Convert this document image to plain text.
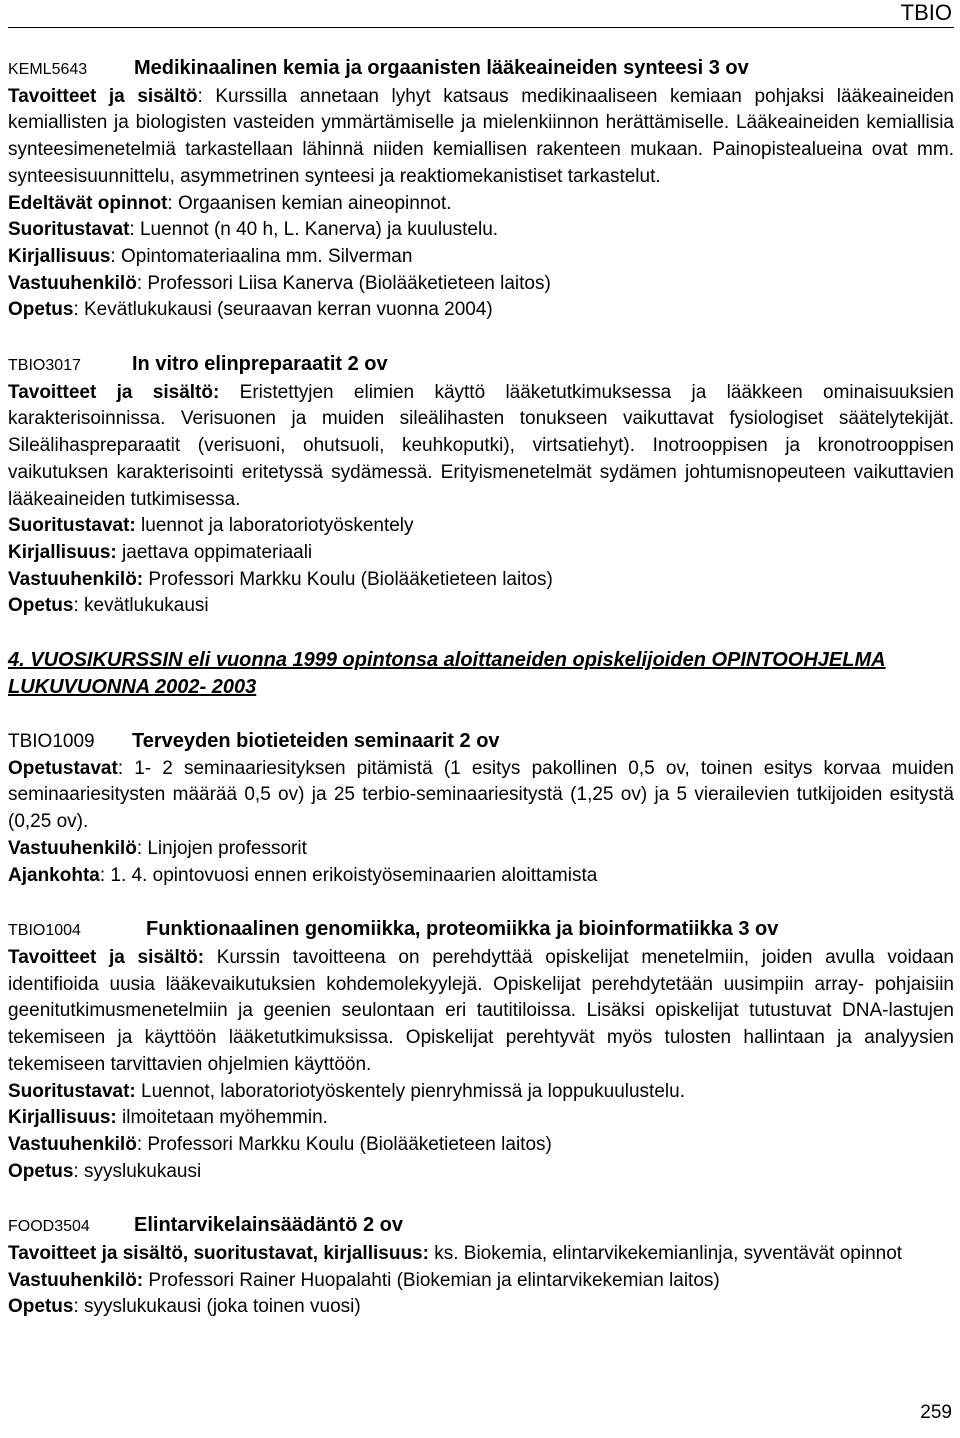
TBIO
KEML5643	Medikinaalinen kemia ja orgaanisten lääkeaineiden synteesi 3 ov

Tavoitteet ja sisältö: Kurssilla annetaan lyhyt katsaus medikinaaliseen kemiaan pohjaksi lääkeaineiden kemiallisten ja biologisten vasteiden ymmärtämiselle ja mielenkiinnon herättämiselle. Lääkeaineiden kemiallisia synteesimenetelmiä tarkastellaan lähinnä niiden kemiallisen rakenteen mukaan. Painopistealueina ovat mm. synteesisuunnittelu, asymmetrinen synteesi ja reaktiomekanistiset tarkastelut.

Edeltävät opinnot: Orgaanisen kemian aineopinnot.

Suoritustavat: Luennot (n 40 h, L. Kanerva) ja kuulustelu.

Kirjallisuus: Opintomateriaalina mm. Silverman

Vastuuhenkilö: Professori Liisa Kanerva (Biolääketieteen laitos)

Opetus: Kevätlukukausi (seuraavan kerran vuonna 2004)

TBIO3017	In vitro elinpreparaatit 2 ov

Tavoitteet ja sisältö: Eristettyjen elimien käyttö lääketutkimuksessa ja lääkkeen ominaisuuksien karakterisoinnissa. Verisuonen ja muiden sileälihasten tonukseen vaikuttavat fysiologiset säätelytekijät. Sileälihaspreparaatit (verisuoni, ohutsuoli, keuhkoputki), virtsatiehyt). Inotrooppisen ja kronotrooppisen vaikutuksen karakterisointi eritetyssä sydämessä. Erityismenetelmät sydämen johtumisnopeuteen vaikuttavien lääkeaineiden tutkimisessa.

Suoritustavat: luennot ja laboratoriotyöskentely

Kirjallisuus: jaettava oppimateriaali

Vastuuhenkilö: Professori Markku Koulu (Biolääketieteen laitos)

Opetus: kevätlukukausi

4. VUOSIKURSSIN eli vuonna 1999 opintonsa aloittaneiden opiskelijoiden OPINTOOHJELMA LUKUVUONNA 2002- 2003

TBIO1009	Terveyden biotieteiden seminaarit 2 ov

Opetustavat: 1- 2 seminaariesityksen pitämistä (1 esitys pakollinen 0,5 ov, toinen esitys korvaa muiden seminaariesitysten määrää 0,5 ov) ja 25 terbio-seminaariesitystä (1,25 ov) ja 5 vierailevien tutkijoiden esitystä (0,25 ov).

Vastuuhenkilö: Linjojen professorit

Ajankohta: 1. 4. opintovuosi ennen erikoistyöseminaarien aloittamista

TBIO1004	Funktionaalinen genomiikka, proteomiikka ja bioinformatiikka 3 ov

Tavoitteet ja sisältö: Kurssin tavoitteena on perehdyttää opiskelijat menetelmiin, joiden avulla voidaan identifioida uusia lääkevaikutuksien kohdemolekyylejä. Opiskelijat perehdytetään uusimpiin array- pohjaisiin geenitutkimusmenetelmiin ja geenien seulontaan eri tautitiloissa. Lisäksi opiskelijat tutustuvat DNA-lastujen tekemiseen ja käyttöön lääketutkimuksissa. Opiskelijat perehtyvät myös tulosten hallintaan ja analyysien tekemiseen tarvittavien ohjelmien käyttöön.

Suoritustavat: Luennot, laboratoriotyöskentely pienryhmissä ja loppukuulustelu.

Kirjallisuus: ilmoitetaan myöhemmin.

Vastuuhenkilö: Professori Markku Koulu (Biolääketieteen laitos)

Opetus: syyslukukausi

FOOD3504	Elintarvikelainsäädäntö 2 ov

Tavoitteet ja sisältö, suoritustavat, kirjallisuus: ks. Biokemia, elintarvikekemianlinja, syventävät opinnot

Vastuuhenkilö: Professori Rainer Huopalahti (Biokemian ja elintarvikekemian laitos)

Opetus: syyslukukausi (joka toinen vuosi)

259
